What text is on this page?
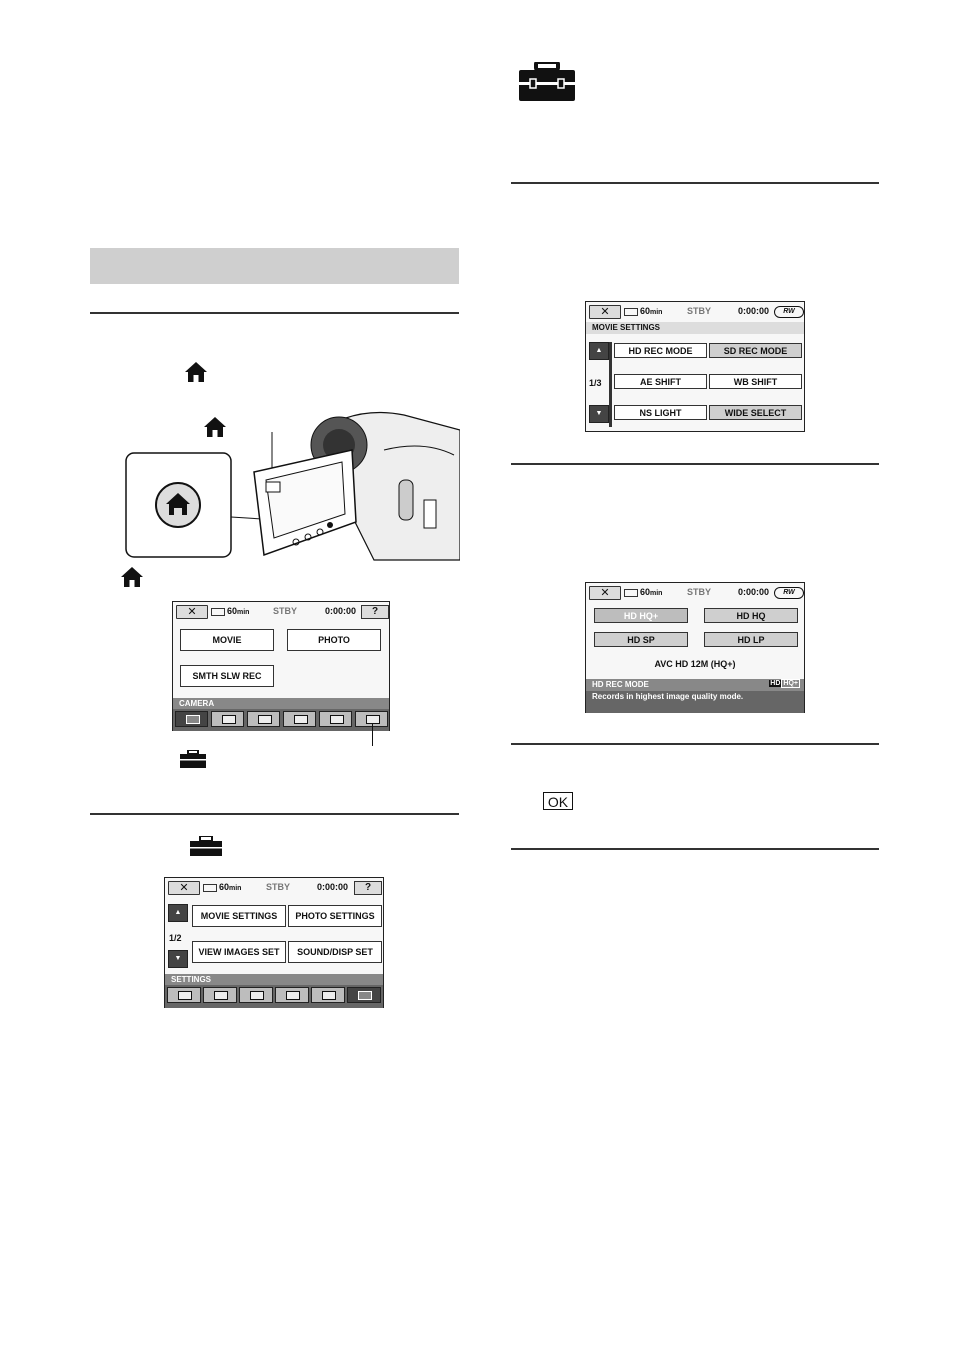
✕	60min	STBY	0:00:00	?
MOVIE	PHOTO
SMTH SLW REC
CAMERA
✕	60min	STBY	0:00:00	?
▲
1/2
▼
MOVIE SETTINGS	PHOTO SETTINGS
VIEW IMAGES SET	SOUND/DISP SET
SETTINGS
✕	60min	STBY	0:00:00	RW
MOVIE SETTINGS
▲
1/3
▼
HD REC MODE	SD REC MODE
AE SHIFT	WB SHIFT
NS LIGHT	WIDE SELECT
✕	60min	STBY	0:00:00	RW
HD HQ+	HD HQ
HD SP	HD LP
AVC HD 12M (HQ+)
HD REC MODE	HD HQ+
Records in highest image quality mode.
OK
